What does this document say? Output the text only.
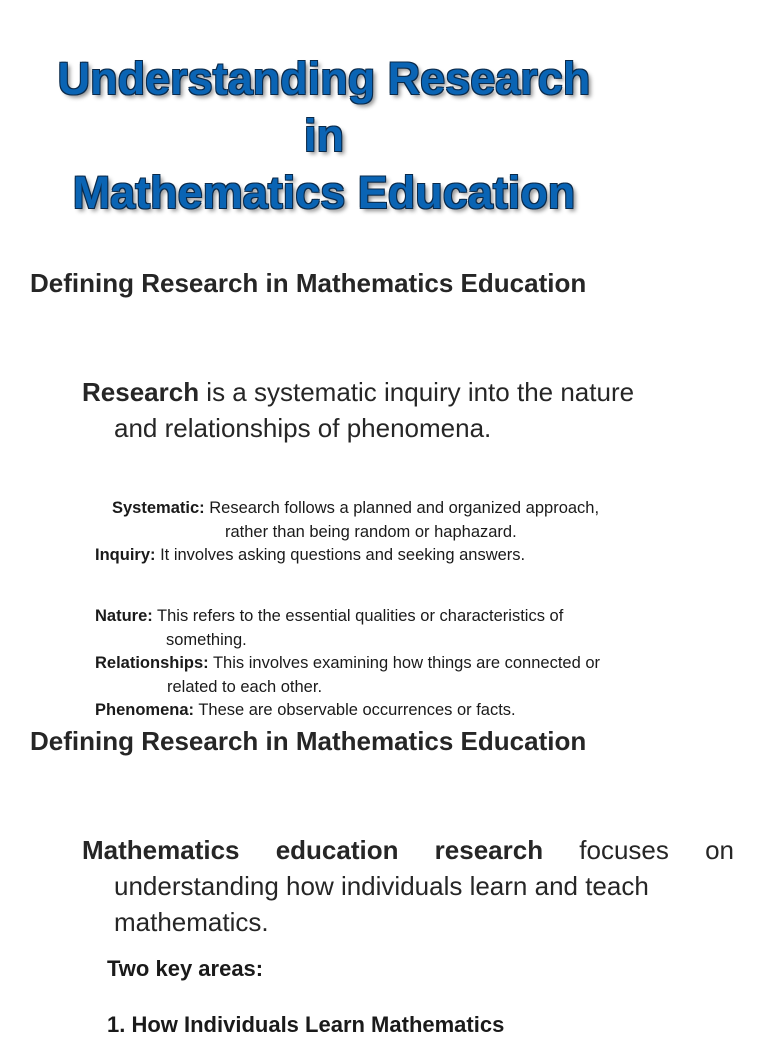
Understanding Research
in
Mathematics Education
Defining Research in Mathematics Education

Research is a systematic inquiry into the nature
and relationships of phenomena.

Systematic: Research follows a planned and organized approach,
rather than being random or haphazard.

Inquiry: It involves asking questions and seeking answers.

Nature: This refers to the essential qualities or characteristics of
something.

Relationships: This involves examining how things are connected or
related to each other.

Phenomena: These are observable occurrences or facts.

Defining Research in Mathematics Education
Mathematics education research focuses on
understanding how individuals learn and teach
mathematics.

Two key areas:

1. How Individuals Learn Mathematics
